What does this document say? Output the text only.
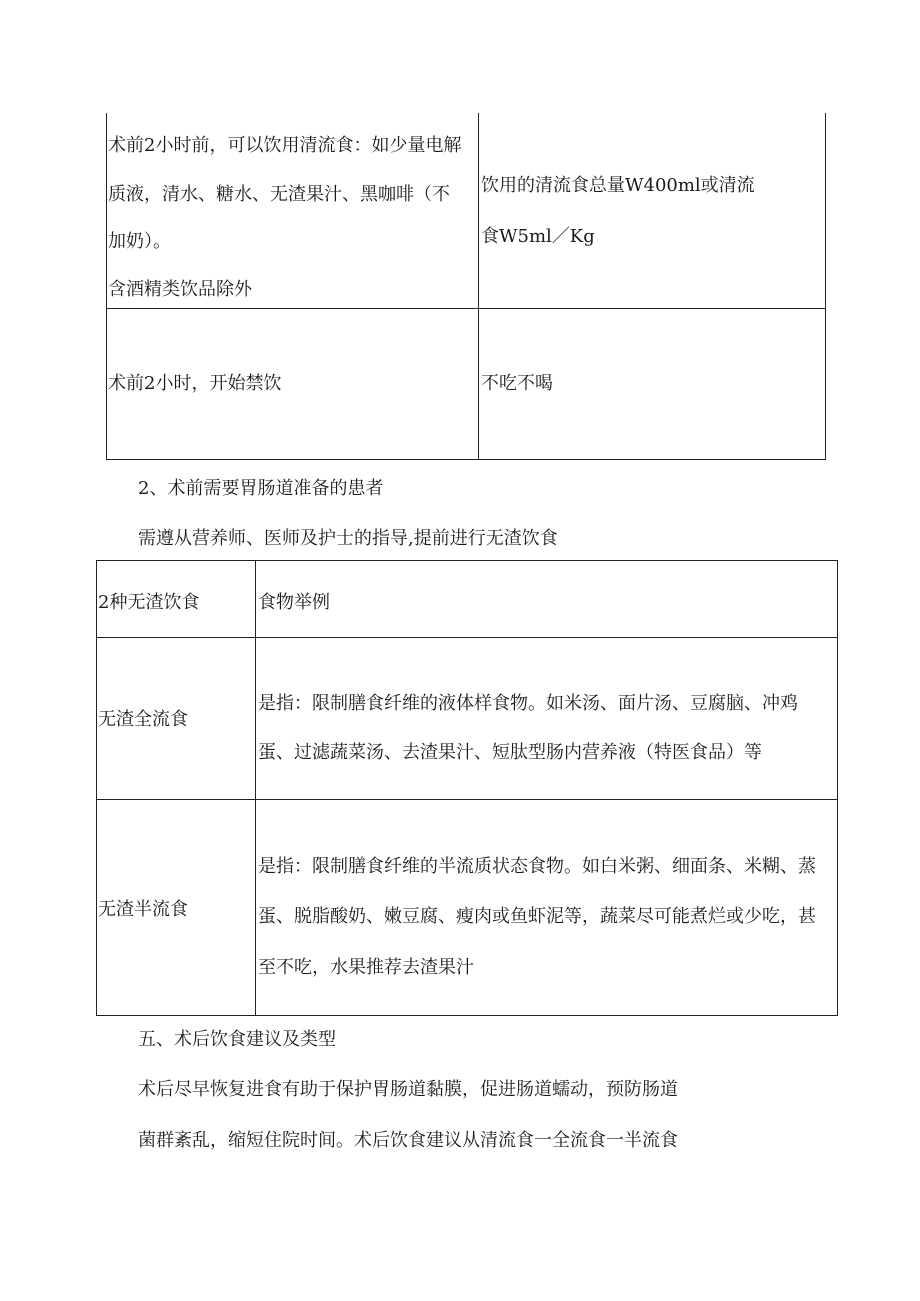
术前2小时前，可以饮用清流食：如少量电解
质液，清水、糖水、无渣果汁、黑咖啡（不
加奶）。
含酒精类饮品除外
饮用的清流食总量W400ml或清流
食W5ml／Kg
术前2小时，开始禁饮	不吃不喝
2、术前需要胃肠道准备的患者
需遵从营养师、医师及护士的指导,提前进行无渣饮食
2种无渣饮食	食物举例
无渣全流食
是指：限制膳食纤维的液体样食物。如米汤、面片汤、豆腐脑、冲鸡
蛋、过滤蔬菜汤、去渣果汁、短肽型肠内营养液（特医食品）等
无渣半流食
是指：限制膳食纤维的半流质状态食物。如白米粥、细面条、米糊、蒸
蛋、脱脂酸奶、嫩豆腐、瘦肉或鱼虾泥等，蔬菜尽可能煮烂或少吃，甚
至不吃，水果推荐去渣果汁
五、术后饮食建议及类型
术后尽早恢复进食有助于保护胃肠道黏膜，促进肠道蠕动，预防肠道
菌群紊乱，缩短住院时间。术后饮食建议从清流食一全流食一半流食
